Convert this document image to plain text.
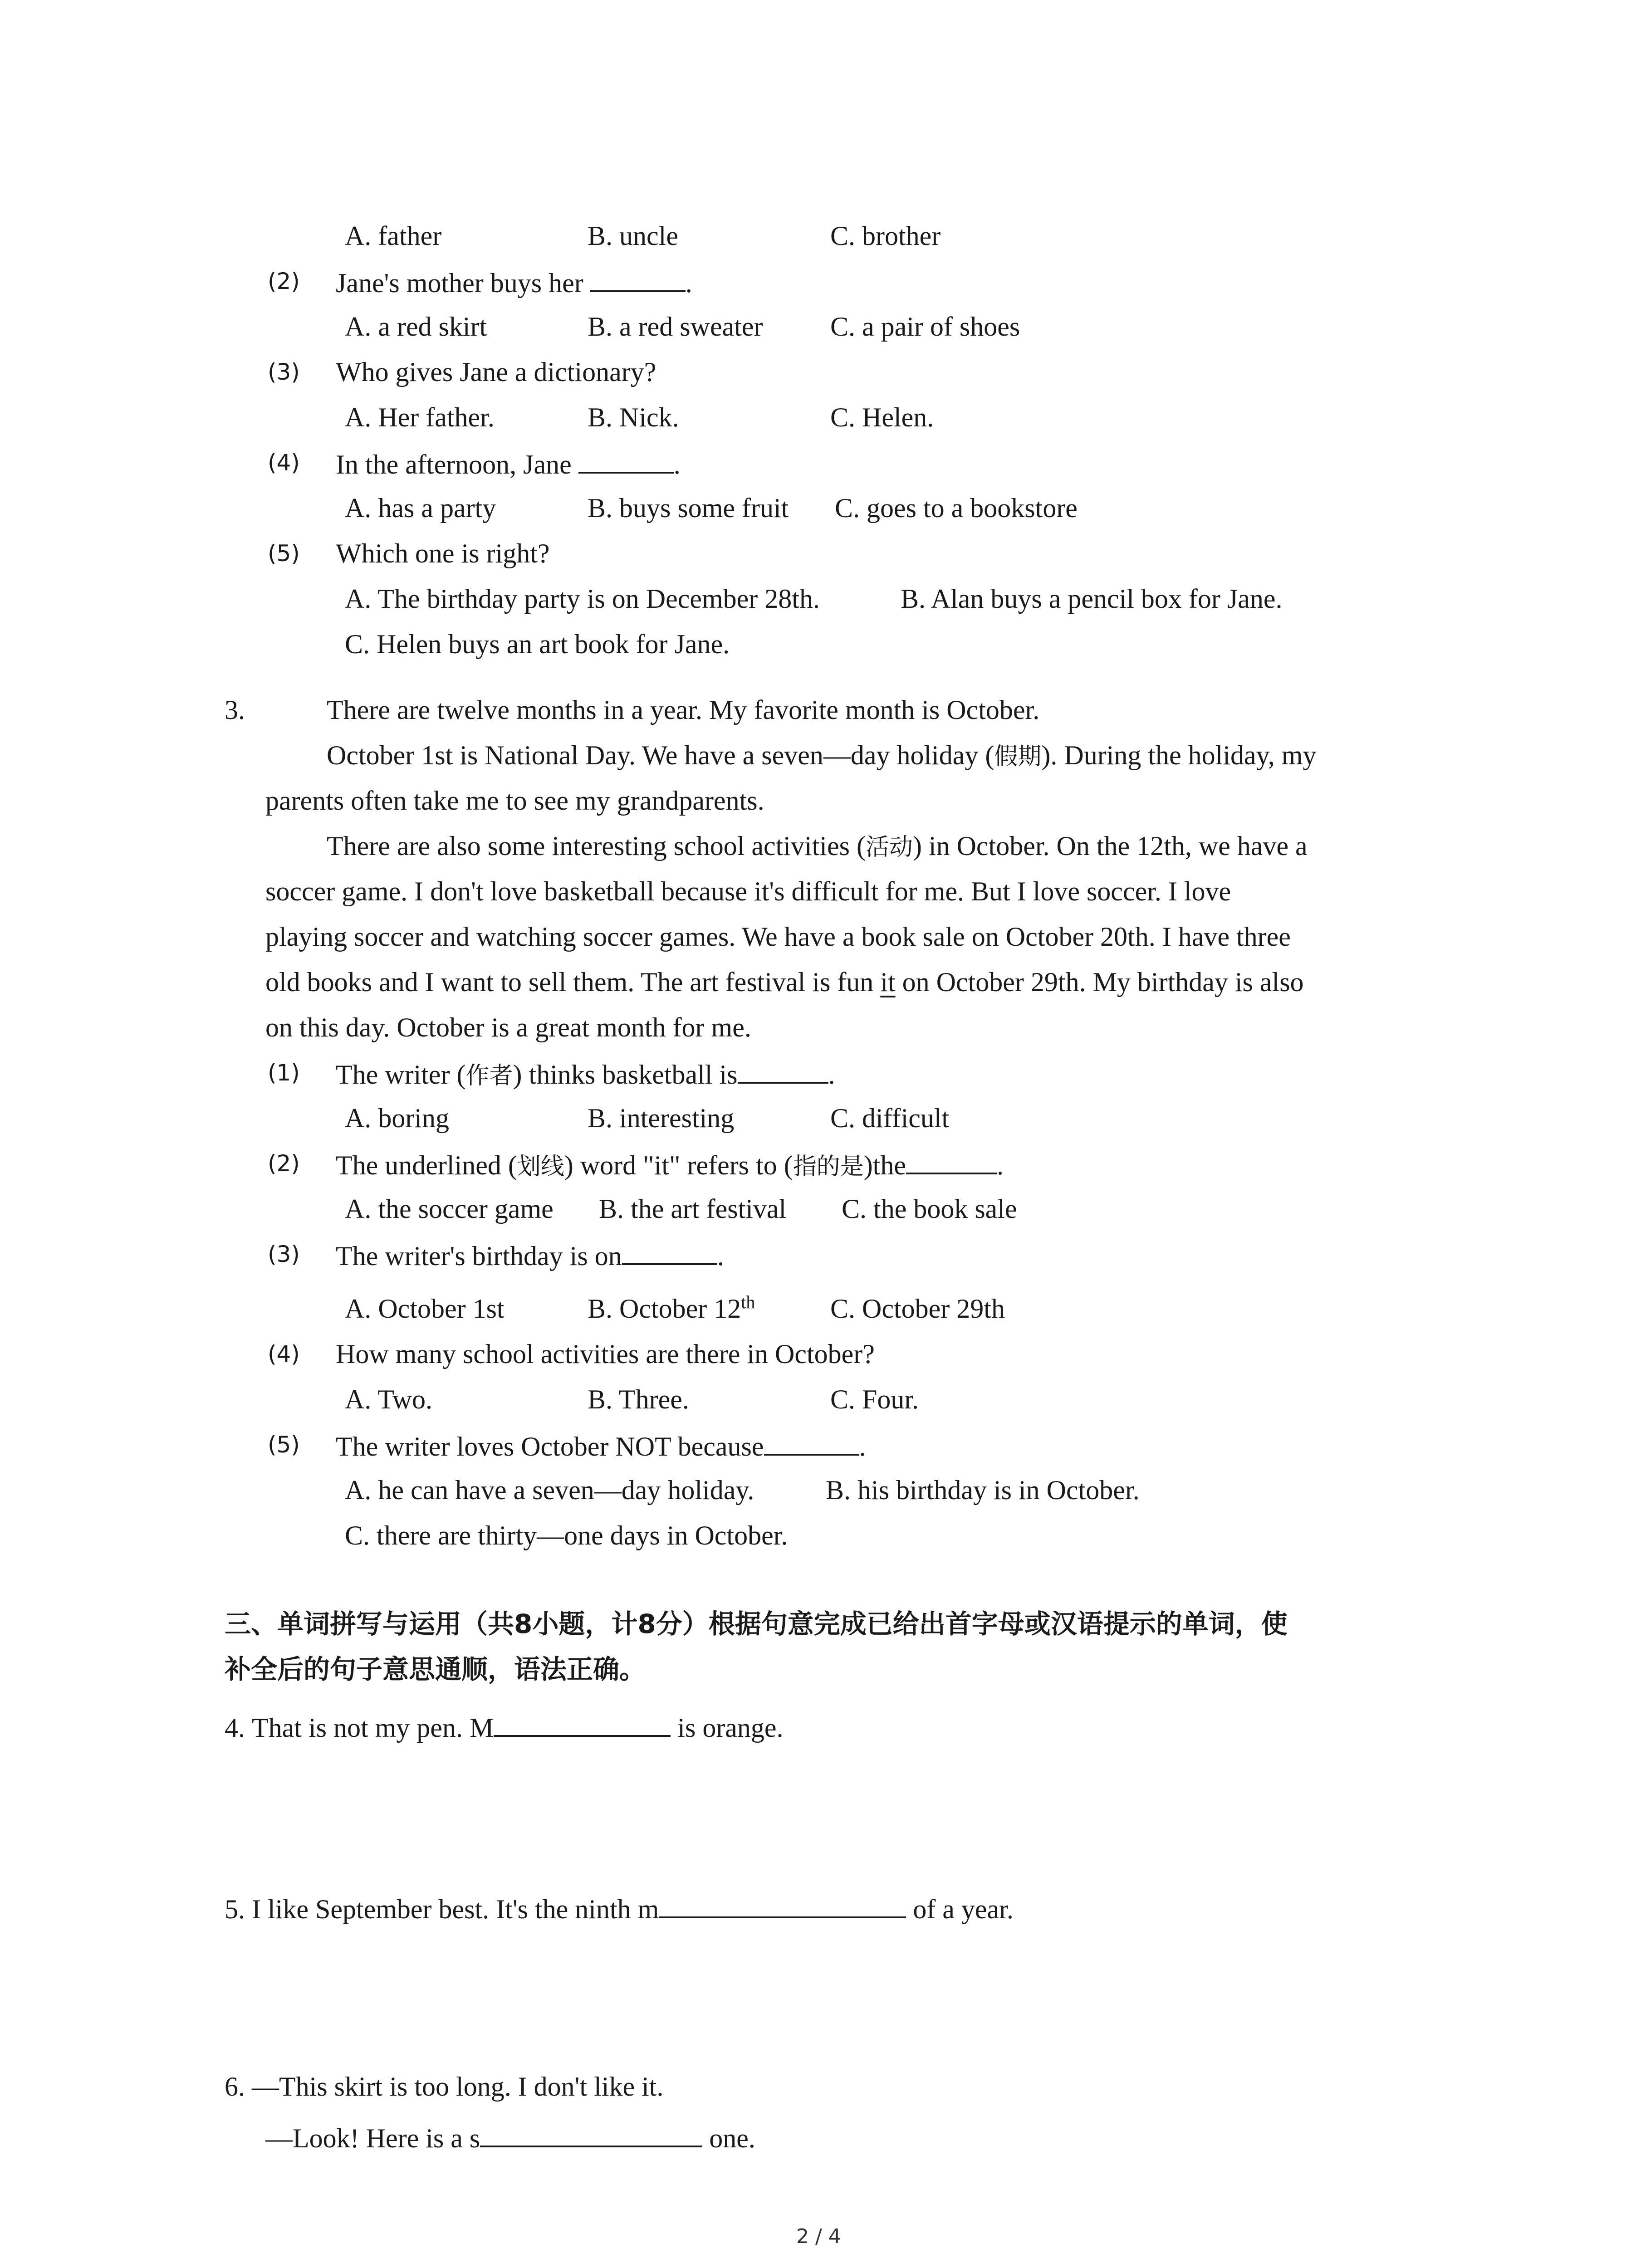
A. father	B. uncle	C. brother
(2) Jane's mother buys her	.
A. a red skirt	B. a red sweater C. a pair of shoes
(3) Who gives Jane a dictionary?
A. Her father.	B. Nick.	C. Helen.
(4) In the afternoon, Jane	.
A. has a party	B. buys some fruit C. goes to a bookstore
(5) Which one is right?
A. The birthday party is on December 28th.	B. Alan buys a pencil box for Jane.
C. Helen buys an art book for Jane.
3.	There are twelve months in a year. My favorite month is October.
October 1st is National Day. We have a seven—day holiday (假期). During the holiday, my
parents often take me to see my grandparents.
There are also some interesting school activities (活动) in October. On the 12th, we have a
soccer game. I don't love basketball because it's difficult for me. But I love soccer. I love
playing soccer and watching soccer games. We have a book sale on October 20th. I have three
old books and I want to sell them. The art festival is fun it on October 29th. My birthday is also
on this day. October is a great month for me.
(1) The writer (作者) thinks basketball is	.
A. boring	B. interesting	C. difficult
(2) The underlined (划线) word "it" refers to (指的是)the	.
A. the soccer game B. the art festival C. the book sale
(3) The writer's birthday is on	.
A. October 1st	B. October 12th	C. October 29th
(4) How many school activities are there in October?
A. Two.	B. Three.	C. Four.
(5) The writer loves October NOT because	.
A. he can have a seven—day holiday.	B. his birthday is in October.
C. there are thirty—one days in October.
三、单词拼写与运用（共8小题，计8分）根据句意完成已给出首字母或汉语提示的单词，使
补全后的句子意思通顺，语法正确。
4. That is not my pen. M	is orange.
5. I like September best. It's the ninth m	of a year.
6. —This skirt is too long. I don't like it.
—Look! Here is a s	one.
2 / 4
